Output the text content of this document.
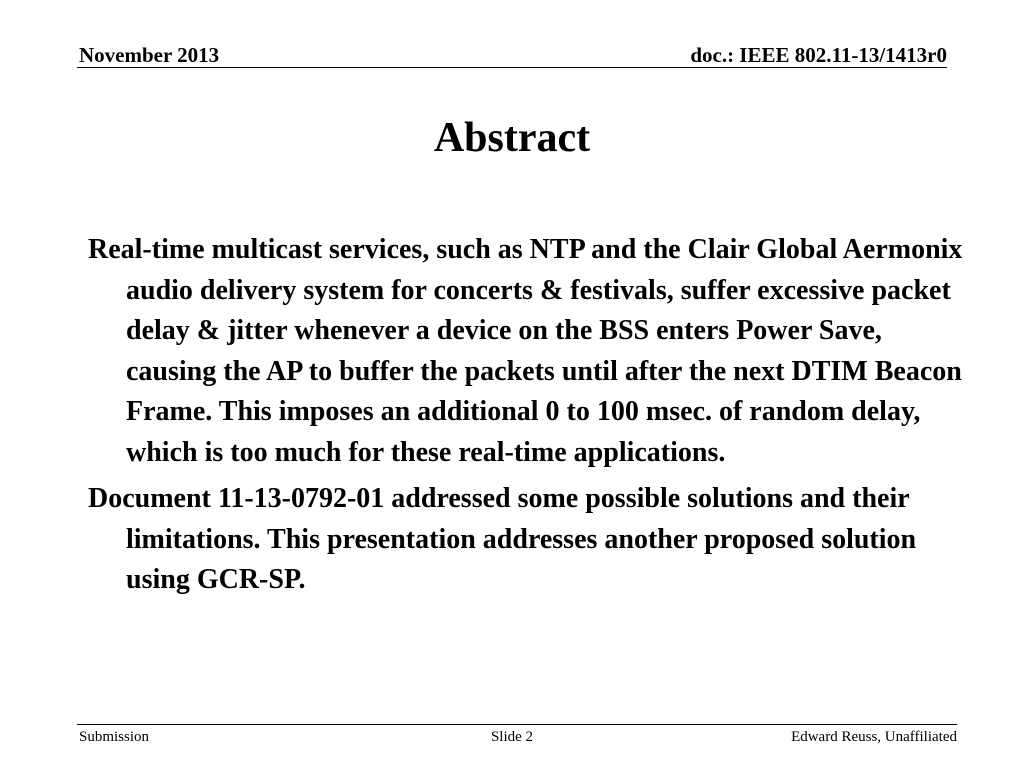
November 2013	doc.: IEEE 802.11-13/1413r0
Abstract

Real-time multicast services, such as NTP and the Clair Global Aermonix audio delivery system for concerts & festivals, suffer excessive packet delay & jitter whenever a device on the BSS enters Power Save, causing the AP to buffer the packets until after the next DTIM Beacon Frame. This imposes an additional 0 to 100 msec. of random delay, which is too much for these real-time applications.

Document 11-13-0792-01 addressed some possible solutions and their limitations. This presentation addresses another proposed solution using GCR-SP.

Submission	Slide 2	Edward Reuss, Unaffiliated
